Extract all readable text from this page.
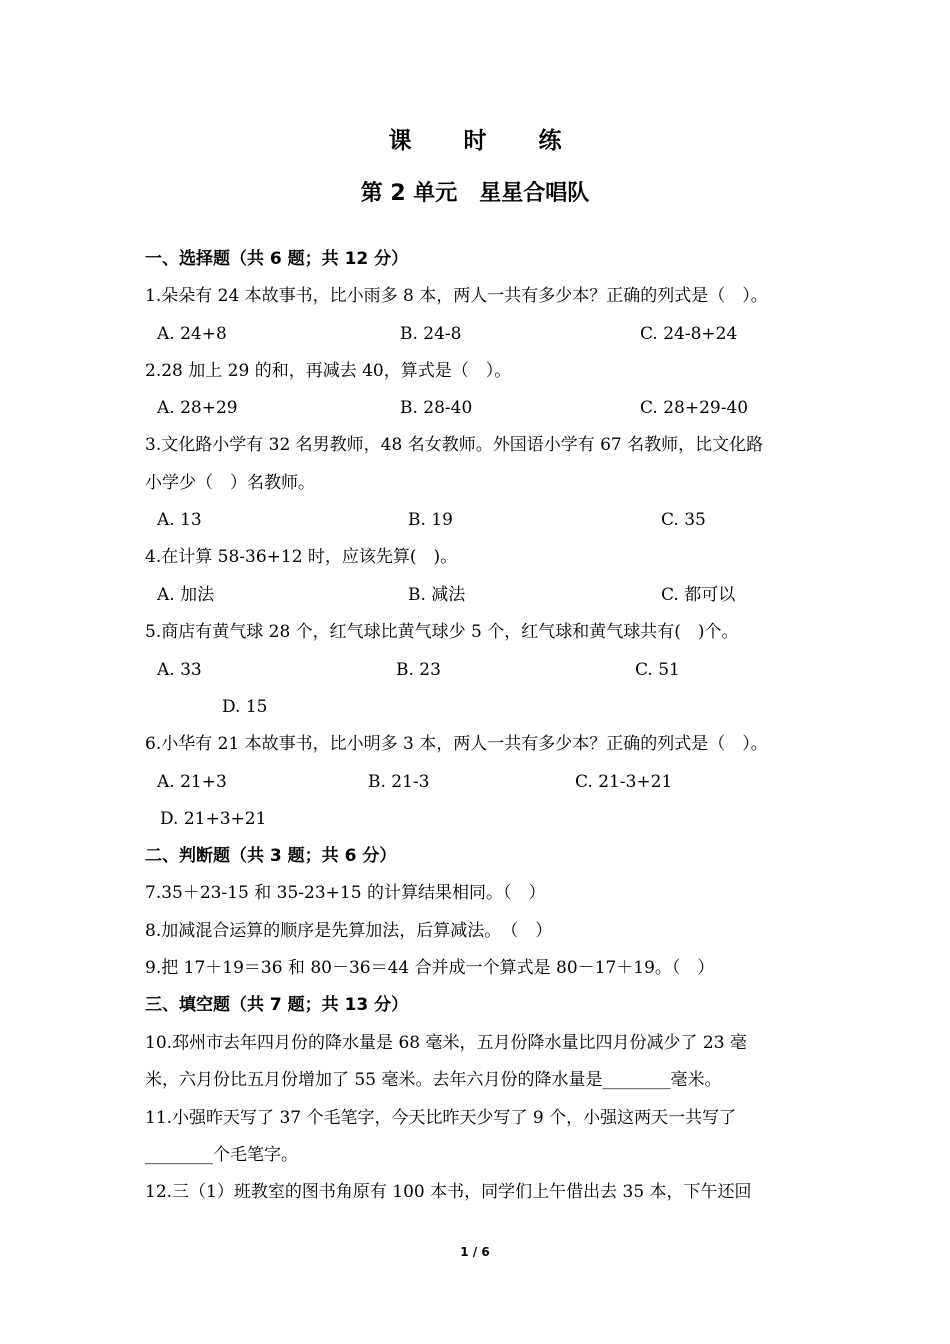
课 时 练
第 2 单元　星星合唱队
一、选择题（共 6 题；共 12 分）
1.朵朵有 24 本故事书，比小雨多 8 本，两人一共有多少本？正确的列式是（　）。
A. 24+8	B. 24-8	C. 24-8+24
2.28 加上 29 的和，再减去 40，算式是（　）。
A. 28+29	B. 28-40	C. 28+29-40
3.文化路小学有 32 名男教师，48 名女教师。外国语小学有 67 名教师，比文化路
小学少（　）名教师。
A. 13	B. 19	C. 35
4.在计算 58-36+12 时，应该先算(　)。
A. 加法	B. 减法	C. 都可以
5.商店有黄气球 28 个，红气球比黄气球少 5 个，红气球和黄气球共有(　)个。
A. 33	B. 23	C. 51
D. 15
6.小华有 21 本故事书，比小明多 3 本，两人一共有多少本？正确的列式是（　）。
A. 21+3	B. 21-3	C. 21-3+21
D. 21+3+21
二、判断题（共 3 题；共 6 分）
7.35＋23-15 和 35-23+15 的计算结果相同。（　）
8.加减混合运算的顺序是先算加法，后算减法。　（　）
9.把 17＋19＝36 和 80－36＝44 合并成一个算式是 80－17＋19。（　）
三、填空题（共 7 题；共 13 分）
10.邳州市去年四月份的降水量是 68 毫米，五月份降水量比四月份减少了 23 毫
米，六月份比五月份增加了 55 毫米。去年六月份的降水量是________毫米。
11.小强昨天写了 37 个毛笔字，今天比昨天少写了 9 个，小强这两天一共写了
________个毛笔字。
12.三（1）班教室的图书角原有 100 本书，同学们上午借出去 35 本，下午还回
1 / 6
